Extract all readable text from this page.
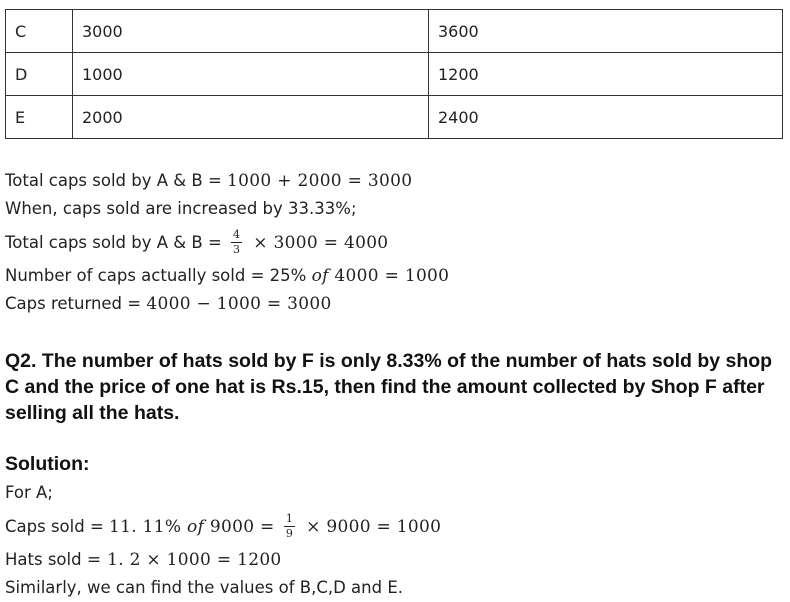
C	3000	3600
D	1000	1200
E	2000	2400
Total caps sold by A & B = 1000 + 2000 = 3000
When, caps sold are increased by 33.33%;
Total caps sold by A & $B = \frac{4}{3} \times 3000 = 4000$
Number of caps actually sold = 25% of 4000 = 1000
Caps returned = 4000 − 1000 = 3000
Q2. The number of hats sold by F is only 8.33% of the number of hats sold by shop C and the price of one hat is Rs.15, then find the amount collected by Shop F after selling all the hats.
Solution:
For A;
Caps sold = 11. 11% of $9000 = \frac{1}{9} \times 9000 = 1000$
Hats sold = 1. 2 × 1000 = 1200
Similarly, we can find the values of B,C,D and E.
